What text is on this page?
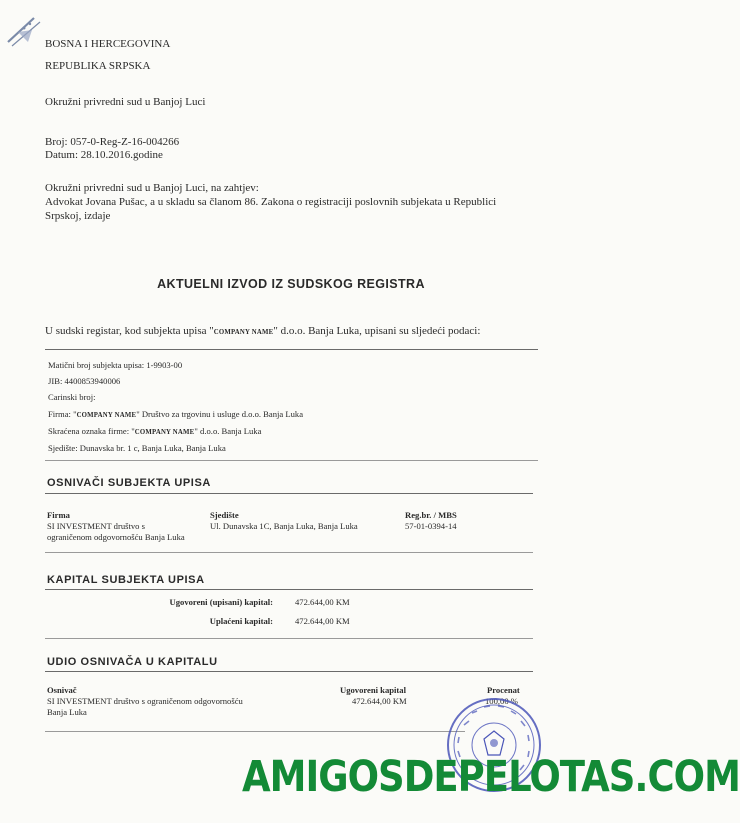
BOSNA I HERCEGOVINA
REPUBLIKA SRPSKA
Okružni privredni sud u Banjoj Luci
Broj: 057-0-Reg-Z-16-004266
Datum: 28.10.2016.godine
Okružni privredni sud u Banjoj Luci, na zahtjev:
Advokat Jovana Pušac, a u skladu sa članom 86. Zakona o registraciji poslovnih subjekata u Republici
Srpskoj, izdaje
AKTUELNI IZVOD IZ SUDSKOG REGISTRA
U sudski registar, kod subjekta upisa "COMPANY NAME" d.o.o. Banja Luka, upisani su sljedeći podaci:
Matični broj subjekta upisa: 1-9903-00
JIB: 4400853940006
Carinski broj:
Firma: "COMPANY NAME" Društvo za trgovinu i usluge d.o.o. Banja Luka
Skraćena oznaka firme: "COMPANY NAME" d.o.o. Banja Luka
Sjedište: Dunavska br. 1 c, Banja Luka, Banja Luka
OSNIVAČI SUBJEKTA UPISA
Firma	Sjedište	Reg.br. / MBS
SI INVESTMENT društvo s
ograničenom odgovornošću Banja Luka
Ul. Dunavska 1C, Banja Luka, Banja Luka	57-01-0394-14
KAPITAL SUBJEKTA UPISA
Ugovoreni (upisani) kapital:	472.644,00 KM
Uplaćeni kapital:	472.644,00 KM
UDIO OSNIVAČA U KAPITALU
Osnivač	Ugovoreni kapital	Procenat
SI INVESTMENT društvo s ograničenom odgovornošću
Banja Luka
472.644,00 KM	100,00 %
AMIGOSDEPELOTAS.COM
